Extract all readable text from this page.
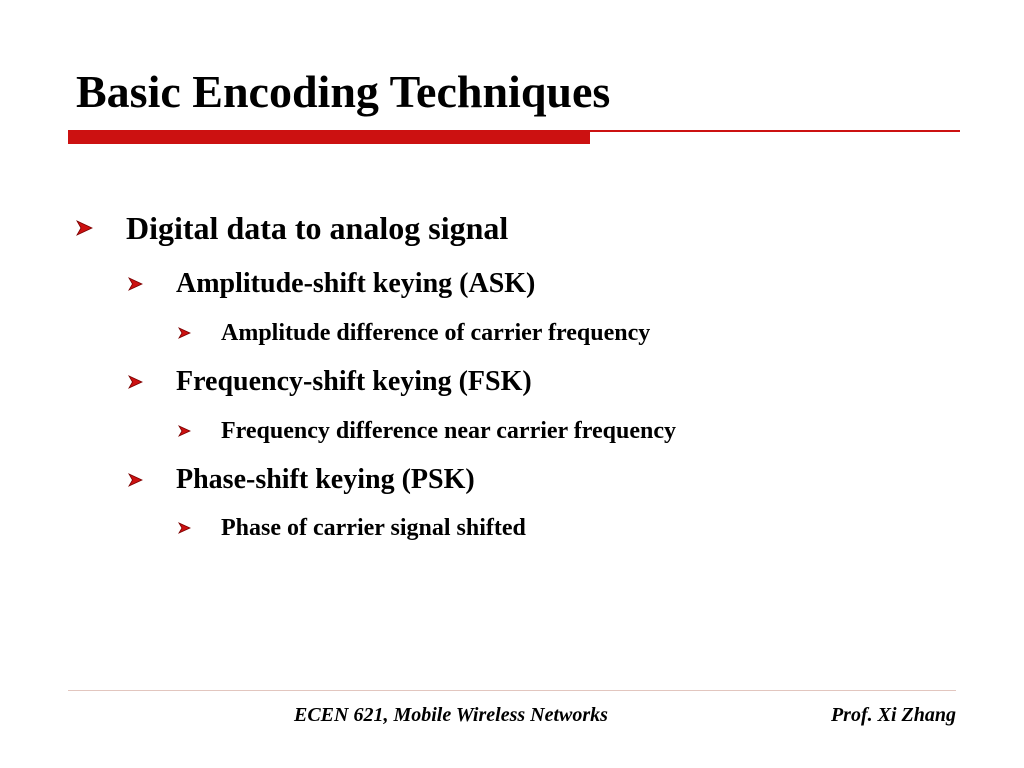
Basic Encoding Techniques
Digital data to analog signal
Amplitude-shift keying (ASK)
Amplitude difference of carrier frequency
Frequency-shift keying (FSK)
Frequency difference near carrier frequency
Phase-shift keying (PSK)
Phase of carrier signal shifted
ECEN 621, Mobile Wireless Networks	Prof. Xi Zhang
